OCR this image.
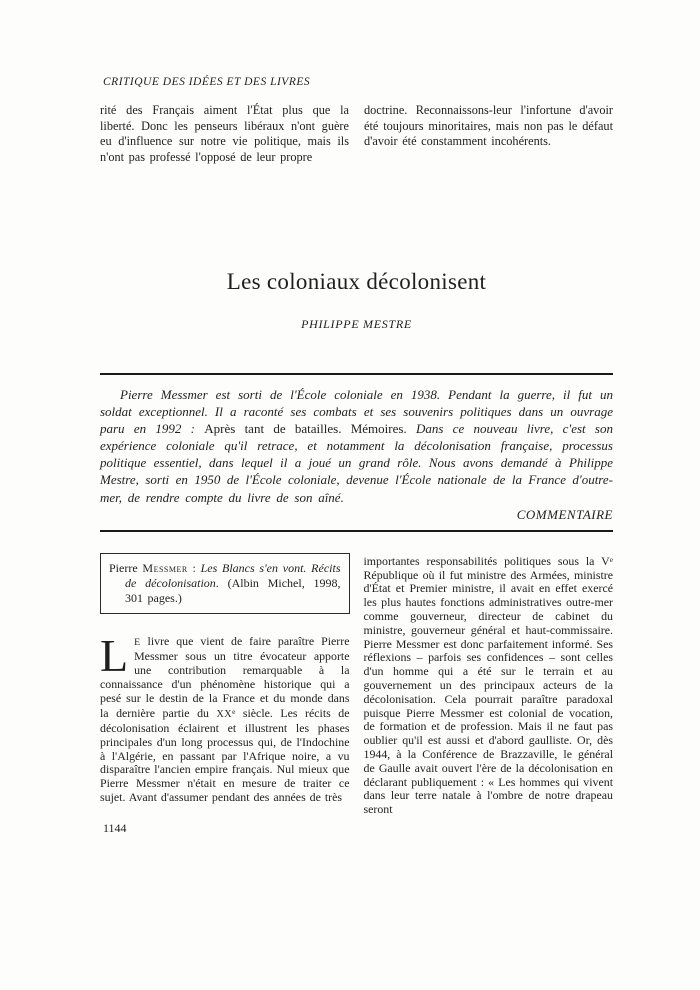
CRITIQUE DES IDÉES ET DES LIVRES
rité des Français aiment l'État plus que la liberté. Donc les penseurs libéraux n'ont guère eu d'influence sur notre vie politique, mais ils n'ont pas professé l'opposé de leur propre
doctrine. Reconnaissons-leur l'infortune d'avoir été toujours minoritaires, mais non pas le défaut d'avoir été constamment incohérents.
Les coloniaux décolonisent
PHILIPPE MESTRE
Pierre Messmer est sorti de l'École coloniale en 1938. Pendant la guerre, il fut un soldat exceptionnel. Il a raconté ses combats et ses souvenirs politiques dans un ouvrage paru en 1992 : Après tant de batailles. Mémoires. Dans ce nouveau livre, c'est son expérience coloniale qu'il retrace, et notamment la décolonisation française, processus politique essentiel, dans lequel il a joué un grand rôle. Nous avons demandé à Philippe Mestre, sorti en 1950 de l'École coloniale, devenue l'École nationale de la France d'outre-mer, de rendre compte du livre de son aîné.
COMMENTAIRE

Pierre Messmer : Les Blancs s'en vont. Récits de décolonisation. (Albin Michel, 1998, 301 pages.)

L E livre que vient de faire paraître Pierre Messmer sous un titre évocateur apporte une contribution remarquable à la connaissance d'un phénomène historique qui a pesé sur le destin de la France et du monde dans la dernière partie du XXe siècle. Les récits de décolonisation éclairent et illustrent les phases principales d'un long processus qui, de l'Indochine à l'Algérie, en passant par l'Afrique noire, a vu disparaître l'ancien empire français. Nul mieux que Pierre Messmer n'était en mesure de traiter ce sujet. Avant d'assumer pendant des années de très
importantes responsabilités politiques sous la Ve République où il fut ministre des Armées, ministre d'État et Premier ministre, il avait en effet exercé les plus hautes fonctions administratives outre-mer comme gouverneur, directeur de cabinet du ministre, gouverneur général et haut-commissaire. Pierre Messmer est donc parfaitement informé. Ses réflexions – parfois ses confidences – sont celles d'un homme qui a été sur le terrain et au gouvernement un des principaux acteurs de la décolonisation. Cela pourrait paraître paradoxal puisque Pierre Messmer est colonial de vocation, de formation et de profession. Mais il ne faut pas oublier qu'il est aussi et d'abord gaulliste. Or, dès 1944, à la Conférence de Brazzaville, le général de Gaulle avait ouvert l'ère de la décolonisation en déclarant publiquement : « Les hommes qui vivent dans leur terre natale à l'ombre de notre drapeau seront
1144
